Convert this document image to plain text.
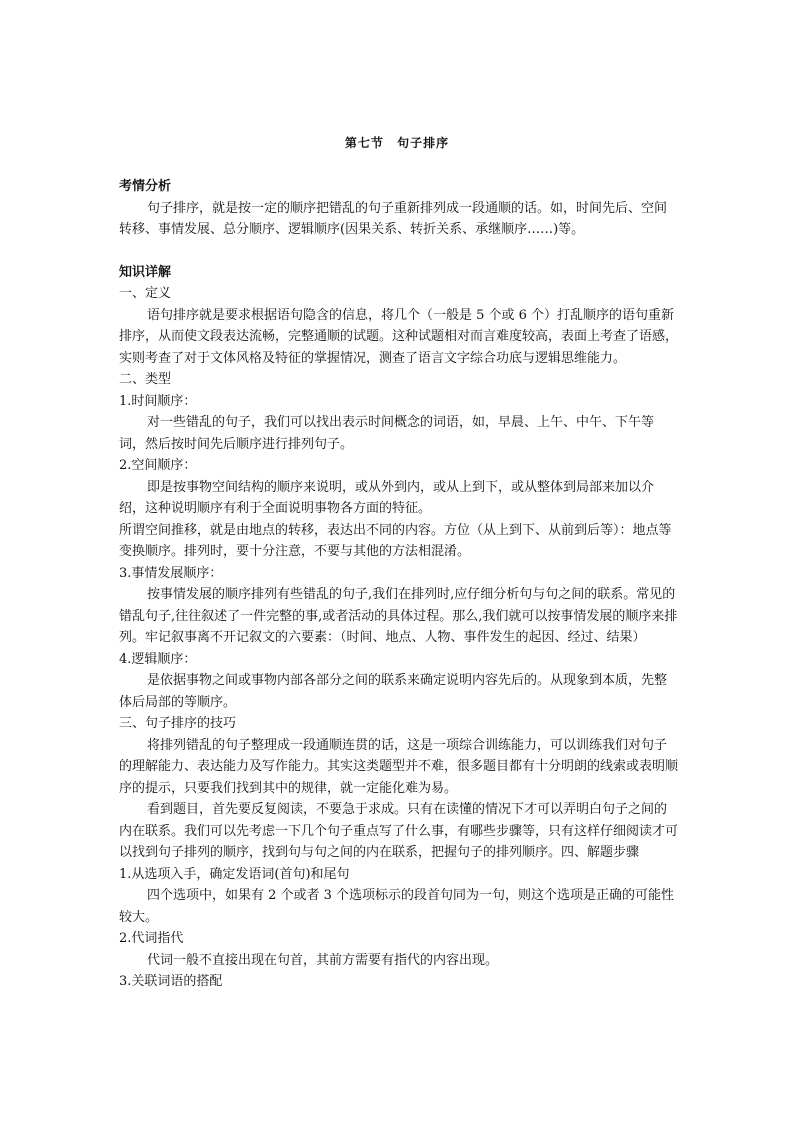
第七节 句子排序

考情分析

句子排序，就是按一定的顺序把错乱的句子重新排列成一段通顺的话。如，时间先后、空间转移、事情发展、总分顺序、逻辑顺序(因果关系、转折关系、承继顺序……)等。

知识详解

一、定义

语句排序就是要求根据语句隐含的信息，将几个（一般是 5 个或 6 个）打乱顺序的语句重新排序，从而使文段表达流畅，完整通顺的试题。这种试题相对而言难度较高，表面上考查了语感，实则考查了对于文体风格及特征的掌握情况，测查了语言文字综合功底与逻辑思维能力。

二、类型

1.时间顺序：

对一些错乱的句子，我们可以找出表示时间概念的词语，如，早晨、上午、中午、下午等词，然后按时间先后顺序进行排列句子。

2.空间顺序：

即是按事物空间结构的顺序来说明，或从外到内，或从上到下，或从整体到局部来加以介绍，这种说明顺序有利于全面说明事物各方面的特征。

所谓空间推移，就是由地点的转移，表达出不同的内容。方位（从上到下、从前到后等）：地点等变换顺序。排列时，要十分注意，不要与其他的方法相混淆。

3.事情发展顺序：

按事情发展的顺序排列有些错乱的句子,我们在排列时,应仔细分析句与句之间的联系。常见的错乱句子,往往叙述了一件完整的事,或者活动的具体过程。那么,我们就可以按事情发展的顺序来排列。牢记叙事离不开记叙文的六要素：（时间、地点、人物、事件发生的起因、经过、结果）

4.逻辑顺序：

是依据事物之间或事物内部各部分之间的联系来确定说明内容先后的。从现象到本质，先整体后局部的等顺序。

三、句子排序的技巧

将排列错乱的句子整理成一段通顺连贯的话，这是一项综合训练能力，可以训练我们对句子的理解能力、表达能力及写作能力。其实这类题型并不难，很多题目都有十分明朗的线索或表明顺序的提示，只要我们找到其中的规律，就一定能化难为易。

看到题目，首先要反复阅读，不要急于求成。只有在读懂的情况下才可以弄明白句子之间的内在联系。我们可以先考虑一下几个句子重点写了什么事，有哪些步骤等，只有这样仔细阅读才可以找到句子排列的顺序，找到句与句之间的内在联系，把握句子的排列顺序。四、解题步骤

1.从选项入手，确定发语词(首句)和尾句

四个选项中，如果有 2 个或者 3 个选项标示的段首句同为一句，则这个选项是正确的可能性较大。

2.代词指代

代词一般不直接出现在句首，其前方需要有指代的内容出现。

3.关联词语的搭配
